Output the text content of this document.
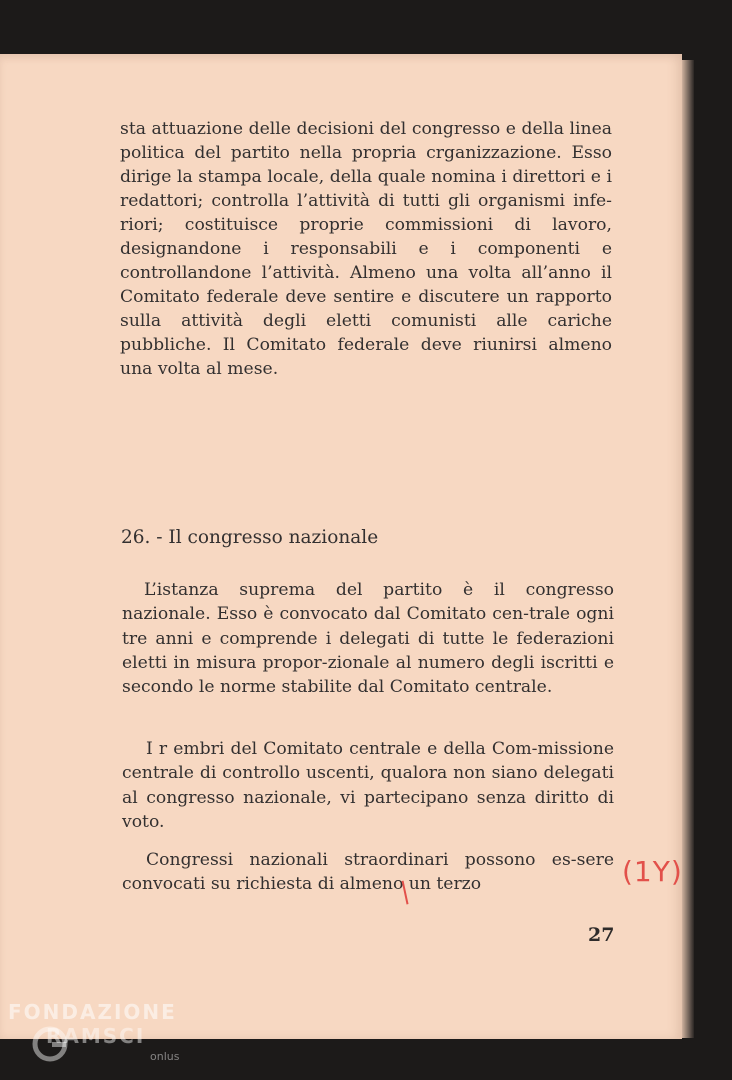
sta attuazione delle decisioni del congresso e della linea politica del partito nella propria crganizzazione. Esso dirige la stampa locale, della quale nomina i direttori e i redattori; controlla l’attività di tutti gli organismi infe-riori; costituisce proprie commissioni di lavoro, designandone i responsabili e i componenti e controllandone l’attività. Almeno una volta all’anno il Comitato federale deve sentire e discutere un rapporto sulla attività degli eletti comunisti alle cariche pubbliche. Il Comitato federale deve riunirsi almeno una volta al mese.

26. - Il congresso nazionale

L’istanza suprema del partito è il congresso nazionale. Esso è convocato dal Comitato cen-trale ogni tre anni e comprende i delegati di tutte le federazioni eletti in misura propor-zionale al numero degli iscritti e secondo le norme stabilite dal Comitato centrale.

I r embri del Comitato centrale e della Com-missione centrale di controllo uscenti, qualora non siano delegati al congresso nazionale, vi partecipano senza diritto di voto.

Congressi nazionali straordinari possono es-sere convocati su richiesta di almeno un terzo	(1Y)
27
FONDAZIONE
RAMSCI
onlus
